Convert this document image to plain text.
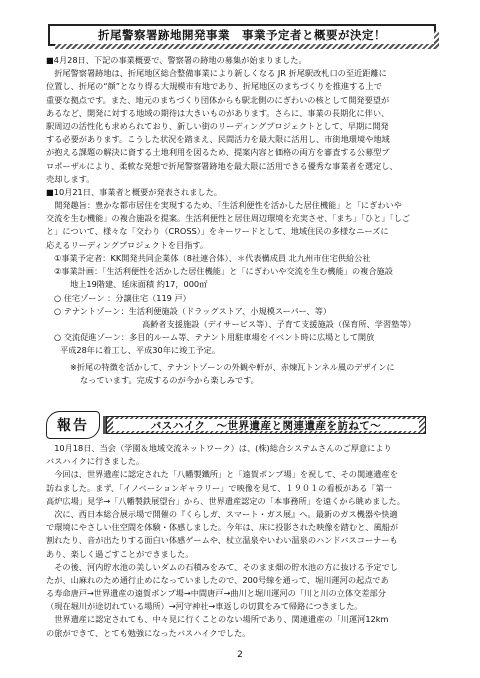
折尾警察署跡地開発事業　事業予定者と概要が決定！
■4月28日、下記の事業概要で、警察署の跡地の募集が始まりました。
　折尾警察署跡地は、折尾地区総合整備事業により新しくなる JR 折尾駅改札口の至近距離に
位置し、折尾の“顔”となり得る大規模市有地であり、折尾地区のまちづくりを推進する上で
重要な拠点です。また、地元のまちづくり団体からも駅北側のにぎわいの核として開発要望が
あるなど、開発に対する地域の期待は大きいものがあります。さらに、事業の長期化に伴い、
駅周辺の活性化も求められており、新しい街のリーディングプロジェクトとして、早期に開発
する必要があります。こうした状況を踏まえ、民間活力を最大限に活用し、市街地環境や地域
が抱える課題の解決に資する土地利用を図るため、提案内容と価格の両方を審査する公募型プ
ロポーザルにより、柔軟な発想で折尾警察署跡地を最大限に活用できる優秀な事業者を選定し、
売却します。
■10月21日、事業者と概要が発表されました。
　開発趣旨：豊かな都市居住を実現するため、「生活利便性を活かした居住機能」と「にぎわいや
交流を生む機能」の複合施設を提案。生活利便性と居住周辺環境を充実させ、「まち」「ひと」「しご
と」について、様々な「交わり（CROSS）」をキーワードとして、地域住民の多様なニーズに
応えるリーディングプロジェクトを目指す。
①事業予定者：KK開発共同企業体（8社連合体）、＊代表構成員 北九州市住宅供給公社
②事業計画：「生活利便性を活かした居住機能」と「にぎわいや交流を生む機能」の複合施設
地上19階建、延床面積 約17，000㎡
○ 住宅ゾーン ：分譲住宅（119 戸）
○ テナントゾーン：生活利便施設（ドラッグストア、小規模スーパー、等）
高齢者支援施設（デイサービス等）、子育て支援施設（保育所、学習塾等）
○ 交流促進ゾーン：多目的ルーム等、テナント用駐車場をイベント時に広場として開放
平成28年に着工し、平成30年に竣工予定。
※折尾の特徴を活かして、テナントゾーンの外観や軒が、赤煉瓦トンネル風のデザインに
なっています。完成するのが今から楽しみです。
報告	バスハイク　〜世界遺産と関連遺産を訪ねて〜
　10月18日、当会（学園＆地域交流ネットワーク）は、(株)総合システムさんのご厚意により
バスハイクに行きました。
　今回は、世界遺産に認定された「八幡製鐵所」と「遠賀ポンプ場」を祝して、その関連遺産を
訪ねました。まず、「イノベーションギャラリー」で映像を見て、１９０１の看板がある「第一
高炉広場」見学→「八幡製鉄展望台」から、世界遺産認定の「本事務所」を遠くから眺めました。
　次に、西日本総合展示場で開催の『くらしガ、スマート・ガス展』へ。最新のガス機器や快適
で環境にやさしい住空間を体験・体感しました。今年は、床に投影された映像を踏むと、風船が
割れたり、音が出たりする面白い体感ゲームや、杖立温泉やいわい温泉のハンドバスコーナーも
あり、楽しく過ごすことができました。
　その後、河内貯水池の美しいダムの石積みをみて、そのまま畑の貯水池の方に抜ける予定でし
たが、山麻れのため通行止めになっていましたので、200号線を通って、堀川運河の起点であ
る寿命唐戸→世界遺産の遠賀ポンプ場→中間唐戸→曲川と堀川運河の「川と川の立体交差部分
（現在堀川が途切れている場所）→河守神社→車返しの切貫をみて帰路につきました。
　世界遺産に認定されても、中々見に行くことのない場所であり、関連遺産の「川運河12km
の旅ができて、とても勉強になったバスハイクでした。
2
